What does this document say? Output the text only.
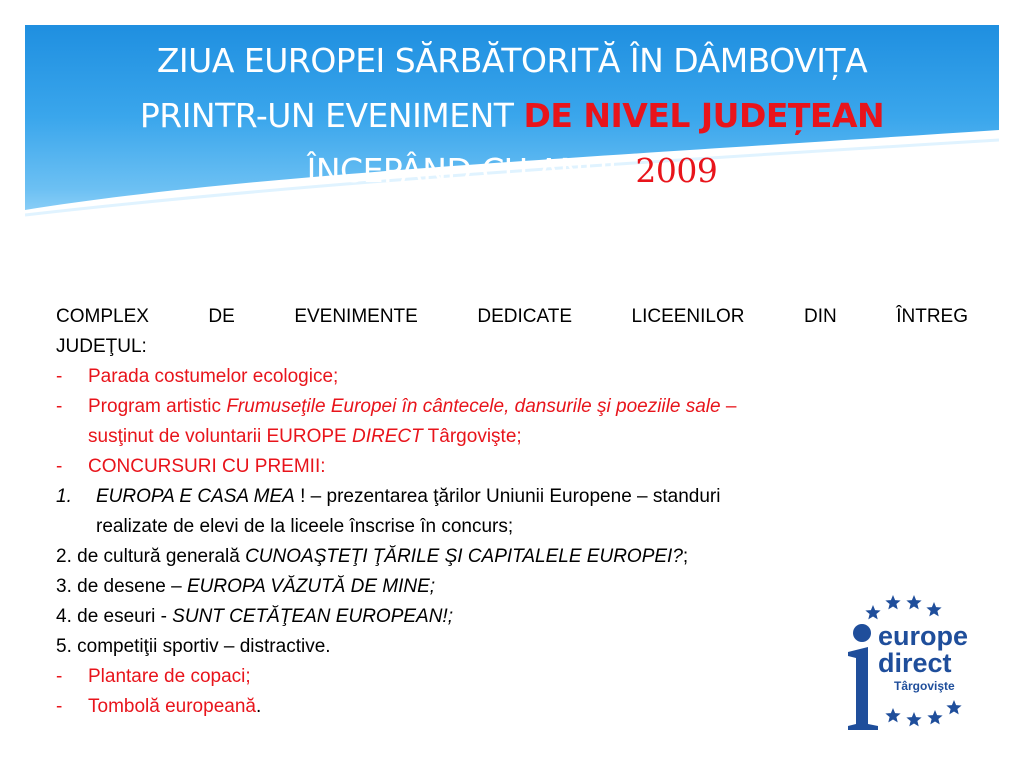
ZIUA EUROPEI SĂRBĂTORITĂ ÎN DÂMBOVIȚA
PRINTR-UN EVENIMENT DE NIVEL JUDEȚEAN
ÎNCEPÂND CU ANUL 2009
COMPLEX DE EVENIMENTE DEDICATE LICEENILOR DIN ÎNTREG
JUDEŢUL:
- Parada costumelor ecologice;
- Program artistic Frumuseţile Europei în cântecele, dansurile şi poeziile sale –
susţinut de voluntarii EUROPE DIRECT Târgovişte;
- CONCURSURI CU PREMII:
1. EUROPA E CASA MEA ! – prezentarea ţărilor Uniunii Europene – standuri
realizate de elevi de la liceele înscrise în concurs;
2. de cultură generală CUNOAŞTEŢI ŢĂRILE ŞI CAPITALELE EUROPEI?;
3. de desene – EUROPA VĂZUTĂ DE MINE;
4. de eseuri - SUNT CETĂŢEAN EUROPEAN!;
5. competiţii sportiv – distractive.
- Plantare de copaci;
- Tombolă europeană.
europe
direct
Târgovişte
